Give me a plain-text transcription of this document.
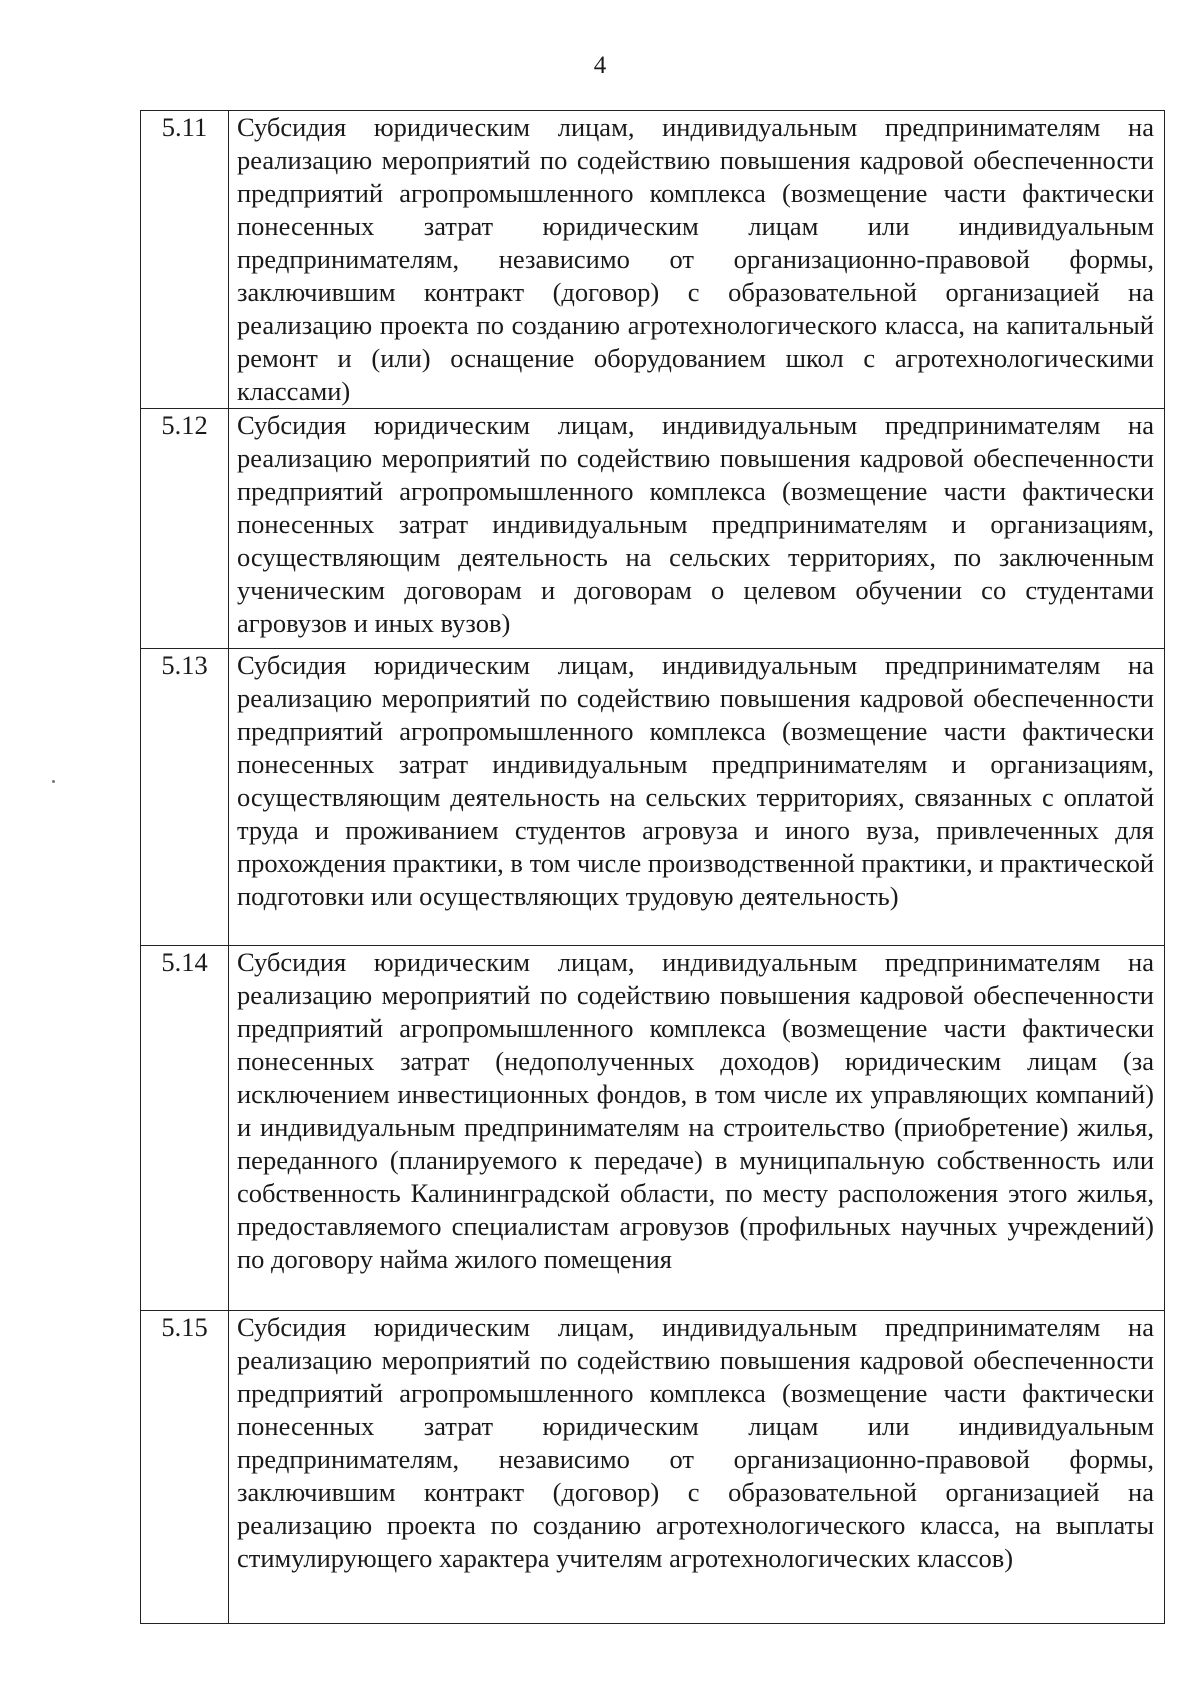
4
5.11	Субсидия юридическим лицам, индивидуальным предпринимателям на реализацию мероприятий по содействию повышения кадровой обеспеченности предприятий агропромышленного комплекса (возмещение части фактически понесенных затрат юридическим лицам или индивидуальным предпринимателям, независимо от организационно-правовой формы, заключившим контракт (договор) с образовательной организацией на реализацию проекта по созданию агротехнологического класса, на капитальный ремонт и (или) оснащение оборудованием школ с агротехнологическими классами)
5.12	Субсидия юридическим лицам, индивидуальным предпринимателям на реализацию мероприятий по содействию повышения кадровой обеспеченности предприятий агропромышленного комплекса (возмещение части фактически понесенных затрат индивидуальным предпринимателям и организациям, осуществляющим деятельность на сельских территориях, по заключенным ученическим договорам и договорам о целевом обучении со студентами агровузов и иных вузов)
5.13	Субсидия юридическим лицам, индивидуальным предпринимателям на реализацию мероприятий по содействию повышения кадровой обеспеченности предприятий агропромышленного комплекса (возмещение части фактически понесенных затрат индивидуальным предпринимателям и организациям, осуществляющим деятельность на сельских территориях, связанных с оплатой труда и проживанием студентов агровуза и иного вуза, привлеченных для прохождения практики, в том числе производственной практики, и практической подготовки или осуществляющих трудовую деятельность)
5.14	Субсидия юридическим лицам, индивидуальным предпринимателям на реализацию мероприятий по содействию повышения кадровой обеспеченности предприятий агропромышленного комплекса (возмещение части фактически понесенных затрат (недополученных доходов) юридическим лицам (за исключением инвестиционных фондов, в том числе их управляющих компаний) и индивидуальным предпринимателям на строительство (приобретение) жилья, переданного (планируемого к передаче) в муниципальную собственность или собственность Калининградской области, по месту расположения этого жилья, предоставляемого специалистам агровузов (профильных научных учреждений) по договору найма жилого помещения
5.15	Субсидия юридическим лицам, индивидуальным предпринимателям на реализацию мероприятий по содействию повышения кадровой обеспеченности предприятий агропромышленного комплекса (возмещение части фактически понесенных затрат юридическим лицам или индивидуальным предпринимателям, независимо от организационно-правовой формы, заключившим контракт (договор) с образовательной организацией на реализацию проекта по созданию агротехнологического класса, на выплаты стимулирующего характера учителям агротехнологических классов)
